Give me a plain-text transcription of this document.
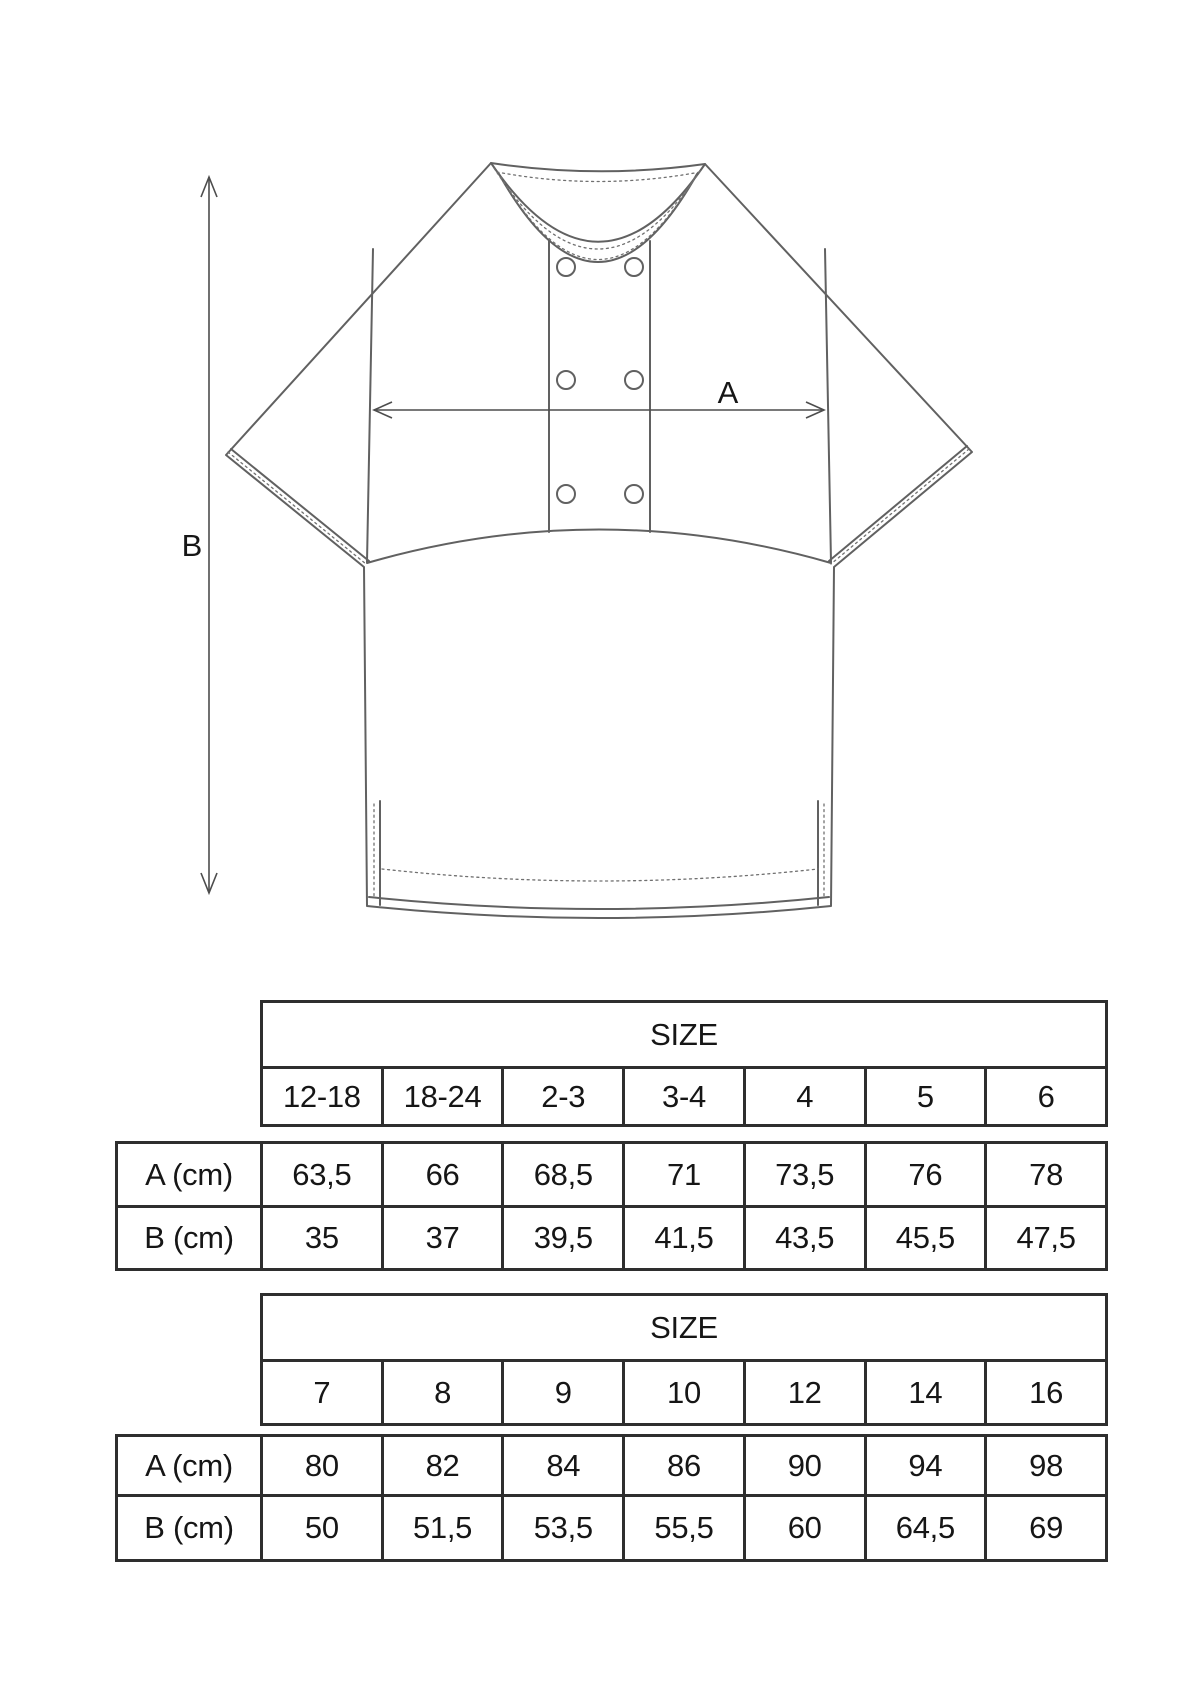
B
A
SIZE
12-18	18-24	2-3	3-4	4	5	6
A (cm)	63,5	66	68,5	71	73,5	76	78
B (cm)	35	37	39,5	41,5	43,5	45,5	47,5
SIZE
7	8	9	10	12	14	16
A (cm)	80	82	84	86	90	94	98
B (cm)	50	51,5	53,5	55,5	60	64,5	69
